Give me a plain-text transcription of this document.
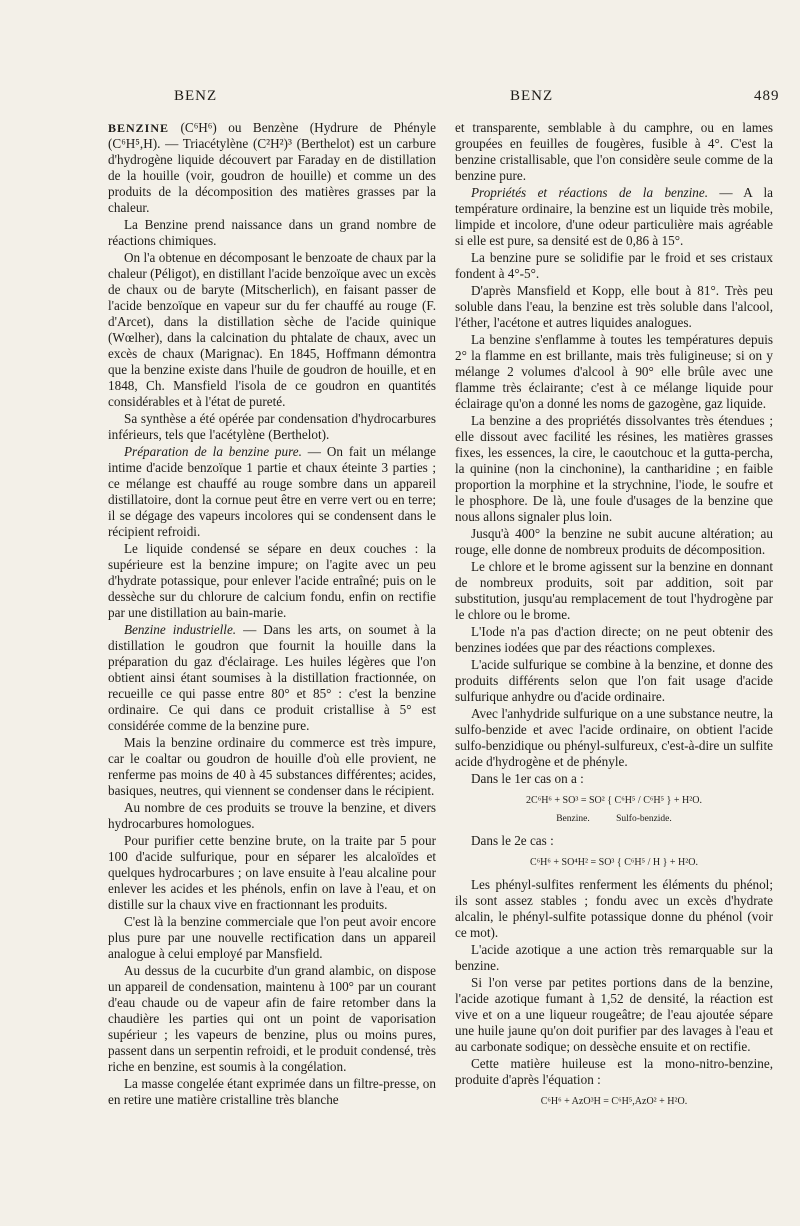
BENZ	BENZ	489

BENZINE (C⁶H⁶) ou Benzène (Hydrure de Phényle (C⁶H⁵,H). — Triacétylène (C²H²)³ (Berthelot) est un carbure d'hydrogène liquide découvert par Faraday en de distillation de la houille (voir, goudron de houille) et comme un des produits de la décomposition des matières grasses par la chaleur.

La Benzine prend naissance dans un grand nombre de réactions chimiques.

On l'a obtenue en décomposant le benzoate de chaux par la chaleur (Péligot), en distillant l'acide benzoïque avec un excès de chaux ou de baryte (Mitscherlich), en faisant passer de l'acide benzoïque en vapeur sur du fer chauffé au rouge (F. d'Arcet), dans la distillation sèche de l'acide quinique (Wœlher), dans la calcination du phtalate de chaux, avec un excès de chaux (Marignac). En 1845, Hoffmann démontra que la benzine existe dans l'huile de goudron de houille, et en 1848, Ch. Mansfield l'isola de ce goudron en quantités considérables et à l'état de pureté.

Sa synthèse a été opérée par condensation d'hydrocarbures inférieurs, tels que l'acétylène (Berthelot).

Préparation de la benzine pure. — On fait un mélange intime d'acide benzoïque 1 partie et chaux éteinte 3 parties ; ce mélange est chauffé au rouge sombre dans un appareil distillatoire, dont la cornue peut être en verre vert ou en terre; il se dégage des vapeurs incolores qui se condensent dans le récipient refroidi.

Le liquide condensé se sépare en deux couches : la supérieure est la benzine impure; on l'agite avec un peu d'hydrate potassique, pour enlever l'acide entraîné; puis on le dessèche sur du chlorure de calcium fondu, enfin on rectifie par une distillation au bain-marie.

Benzine industrielle. — Dans les arts, on soumet à la distillation le goudron que fournit la houille dans la préparation du gaz d'éclairage. Les huiles légères que l'on obtient ainsi étant soumises à la distillation fractionnée, on recueille ce qui passe entre 80° et 85° : c'est la benzine ordinaire. Ce qui dans ce produit cristallise à 5° est considérée comme de la benzine pure.

Mais la benzine ordinaire du commerce est très impure, car le coaltar ou goudron de houille d'où elle provient, ne renferme pas moins de 40 à 45 substances différentes; acides, basiques, neutres, qui viennent se condenser dans le récipient.

Au nombre de ces produits se trouve la benzine, et divers hydrocarbures homologues.

Pour purifier cette benzine brute, on la traite par 5 pour 100 d'acide sulfurique, pour en séparer les alcaloïdes et quelques hydrocarbures ; on lave ensuite à l'eau alcaline pour enlever les acides et les phénols, enfin on lave à l'eau, et on distille sur la chaux vive en fractionnant les produits.

C'est là la benzine commerciale que l'on peut avoir encore plus pure par une nouvelle rectification dans un appareil analogue à celui employé par Mansfield.

Au dessus de la cucurbite d'un grand alambic, on dispose un appareil de condensation, maintenu à 100° par un courant d'eau chaude ou de vapeur afin de faire retomber dans la chaudière les parties qui ont un point de vaporisation supérieur ; les vapeurs de benzine, plus ou moins pures, passent dans un serpentin refroidi, et le produit condensé, très riche en benzine, est soumis à la congélation.

La masse congelée étant exprimée dans un filtre-presse, on en retire une matière cristalline très blanche

et transparente, semblable à du camphre, ou en lames groupées en feuilles de fougères, fusible à 4°. C'est la benzine cristallisable, que l'on considère seule comme de la benzine pure.

Propriétés et réactions de la benzine. — A la température ordinaire, la benzine est un liquide très mobile, limpide et incolore, d'une odeur particulière mais agréable si elle est pure, sa densité est de 0,86 à 15°.

La benzine pure se solidifie par le froid et ses cristaux fondent à 4°-5°.

D'après Mansfield et Kopp, elle bout à 81°. Très peu soluble dans l'eau, la benzine est très soluble dans l'alcool, l'éther, l'acétone et autres liquides analogues.

La benzine s'enflamme à toutes les températures depuis 2° la flamme en est brillante, mais très fuligineuse; si on y mélange 2 volumes d'alcool à 90° elle brûle avec une flamme très éclairante; c'est à ce mélange liquide pour éclairage qu'on a donné les noms de gazogène, gaz liquide.

La benzine a des propriétés dissolvantes très étendues ; elle dissout avec facilité les résines, les matières grasses fixes, les essences, la cire, le caoutchouc et la gutta-percha, la quinine (non la cinchonine), la cantharidine ; en faible proportion la morphine et la strychnine, l'iode, le soufre et le phosphore. De là, une foule d'usages de la benzine que nous allons signaler plus loin.

Jusqu'à 400° la benzine ne subit aucune altération; au rouge, elle donne de nombreux produits de décomposition.

Le chlore et le brome agissent sur la benzine en donnant de nombreux produits, soit par addition, soit par substitution, jusqu'au remplacement de tout l'hydrogène par le chlore ou le brome.

L'Iode n'a pas d'action directe; on ne peut obtenir des benzines iodées que par des réactions complexes.

L'acide sulfurique se combine à la benzine, et donne des produits différents selon que l'on fait usage d'acide sulfurique anhydre ou d'acide ordinaire.

Avec l'anhydride sulfurique on a une substance neutre, la sulfo-benzide et avec l'acide ordinaire, on obtient l'acide sulfo-benzidique ou phényl-sulfureux, c'est-à-dire un sulfite acide d'hydrogène et de phényle.

Dans le 1er cas on a :

2C⁶H⁶ + SO³ = SO² { C⁶H⁵ / C⁶H⁵ } + H²O.
Benzine.	Sulfo-benzide.

Dans le 2e cas :

C⁶H⁶ + SO⁴H² = SO³ { C⁶H⁵ / H } + H²O.

Les phényl-sulfites renferment les éléments du phénol; ils sont assez stables ; fondu avec un excès d'hydrate alcalin, le phényl-sulfite potassique donne du phénol (voir ce mot).

L'acide azotique a une action très remarquable sur la benzine.

Si l'on verse par petites portions dans de la benzine, l'acide azotique fumant à 1,52 de densité, la réaction est vive et on a une liqueur rougeâtre; de l'eau ajoutée sépare une huile jaune qu'on doit purifier par des lavages à l'eau et au carbonate sodique; on dessèche ensuite et on rectifie.

Cette matière huileuse est la mono-nitro-benzine, produite d'après l'équation :

C⁶H⁶ + AzO³H = C⁶H⁵,AzO² + H²O.
